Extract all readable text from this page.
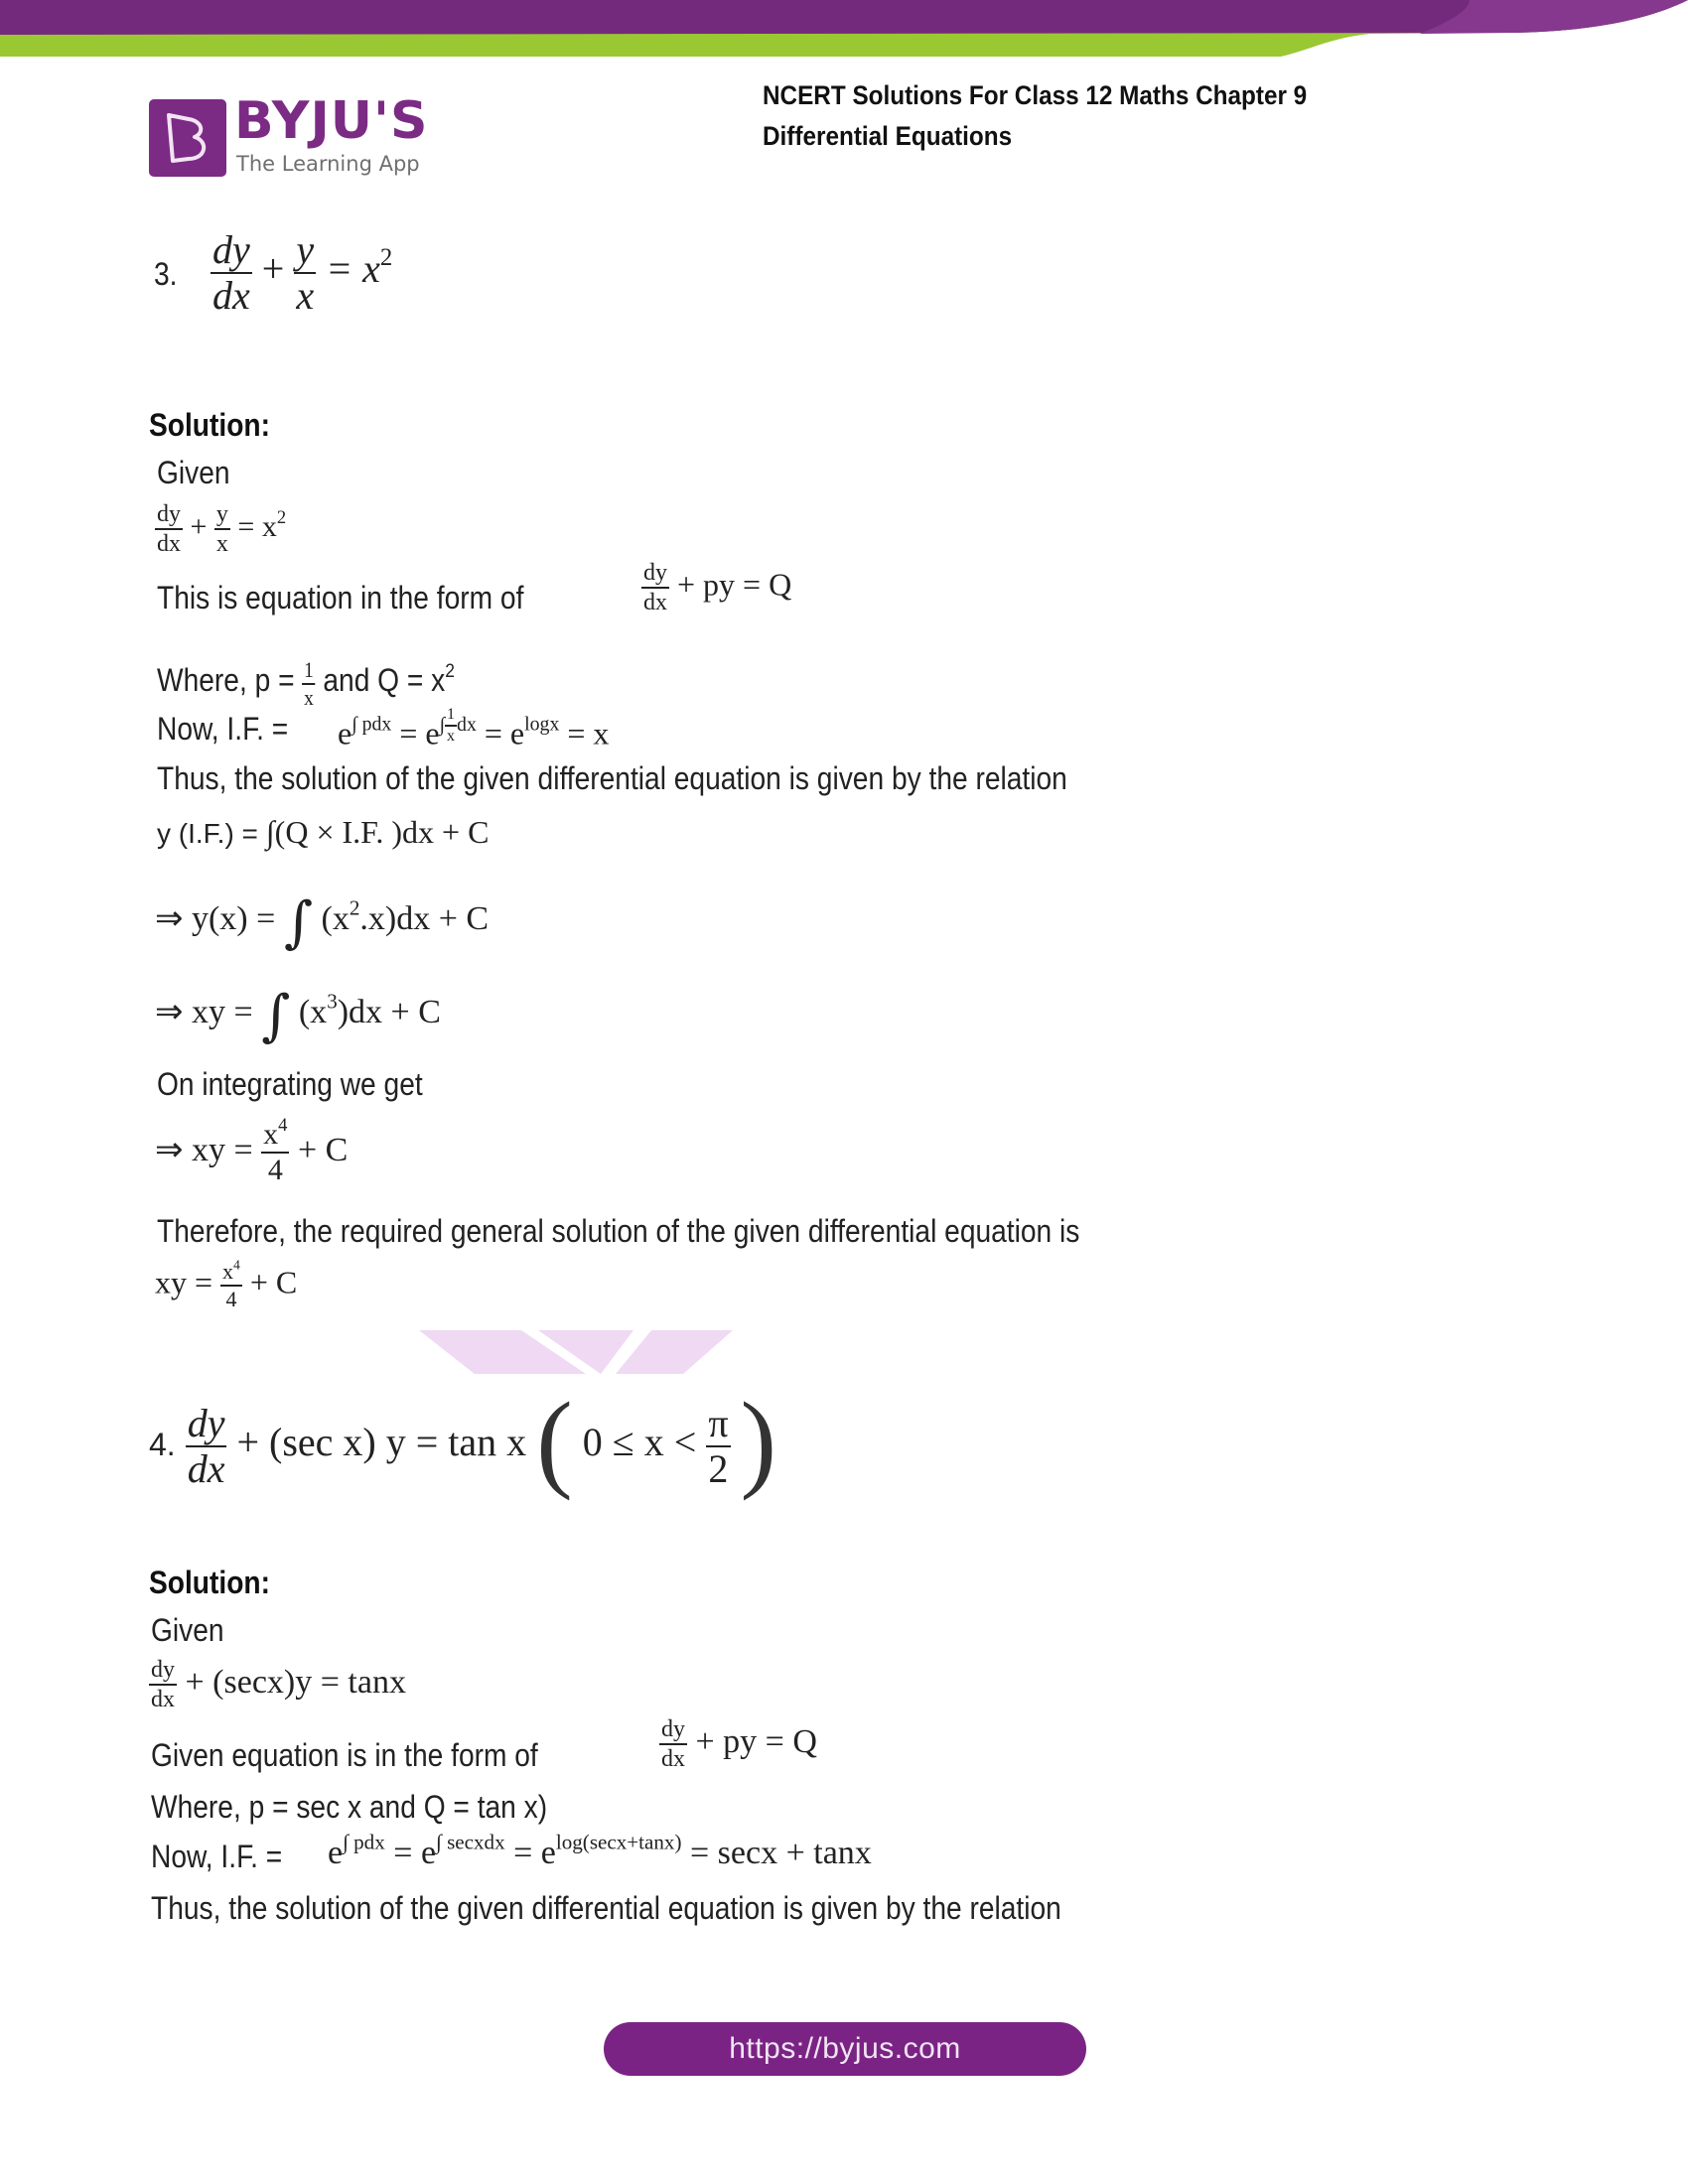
BYJU'S
The Learning App
NCERT Solutions For Class 12 Maths Chapter 9
Differential Equations
3. $\frac{dy}{dx} + \frac{y}{x} = x^2$
Solution:
Given
$\frac{dy}{dx} + \frac{y}{x} = x^2$
This is equation in the form of	$\frac{dy}{dx}$ + py = Q
Where, $p = \frac{1}{x}$ and $Q = x^2$
Now, I.F. = $e^{\int pdx} = e^{\int \frac{1}{x} dx} = e^{logx} = x$
Thus, the solution of the given differential equation is given by the relation
y (I.F.) = ∫(Q × I.F. )dx + C
⇒ y(x) = ∫ $(x^2.x)dx + C$
⇒ xy = ∫ $(x^3)dx + C$
On integrating we get
⇒ xy = $\frac{x^4}{4} + C$
Therefore, the required general solution of the given differential equation is
xy = $\frac{x^4}{4} + C$
4. $\frac{dy}{dx} + (\sec$ x) y = tan x ( $0 \le x < \frac{\pi}{2}$ )
Solution:
Given
$\frac{dy}{dx} + (\sec x)y = \tan x$
Given equation is in the form of	$\frac{dy}{dx}$ + py = Q
Where, p = sec x and Q = tan x)
Now, I.F. = $e^{\int pdx} = e^{\int secxdx} = e^{log(secx+tanx)} = \sec x + \tan x$
Thus, the solution of the given differential equation is given by the relation
https://byjus.com
